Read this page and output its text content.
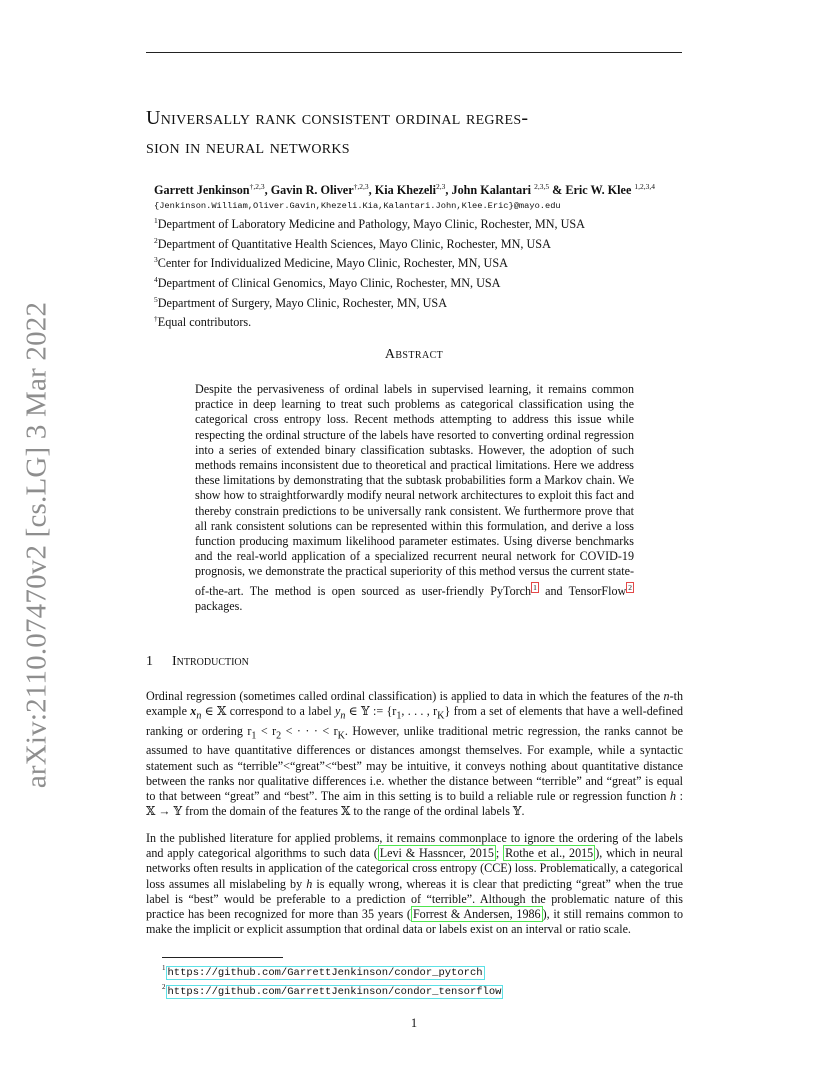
arXiv:2110.07470v2 [cs.LG] 3 Mar 2022
Universally rank consistent ordinal regres-
sion in neural networks
Garrett Jenkinson$^{\dagger,2,3}$, Gavin R. Oliver$^{\dagger,2,3}$, Kia Khezeli$^{2,3}$, John Kalantari $^{2,3,5}$ & Eric W. Klee $^{1,2,3,4}$
{Jenkinson.William,Oliver.Gavin,Khezeli.Kia,Kalantari.John,Klee.Eric}@mayo.edu
$^1$Department of Laboratory Medicine and Pathology, Mayo Clinic, Rochester, MN, USA
$^2$Department of Quantitative Health Sciences, Mayo Clinic, Rochester, MN, USA
$^3$Center for Individualized Medicine, Mayo Clinic, Rochester, MN, USA
$^4$Department of Clinical Genomics, Mayo Clinic, Rochester, MN, USA
$^5$Department of Surgery, Mayo Clinic, Rochester, MN, USA
†Equal contributors.
Abstract
Despite the pervasiveness of ordinal labels in supervised learning, it remains common practice in deep learning to treat such problems as categorical classification using the categorical cross entropy loss. Recent methods attempting to address this issue while respecting the ordinal structure of the labels have resorted to converting ordinal regression into a series of extended binary classification subtasks. However, the adoption of such methods remains inconsistent due to theoretical and practical limitations. Here we address these limitations by demonstrating that the subtask probabilities form a Markov chain. We show how to straightforwardly modify neural network architectures to exploit this fact and thereby constrain predictions to be universally rank consistent. We furthermore prove that all rank consistent solutions can be represented within this formulation, and derive a loss function producing maximum likelihood parameter estimates. Using diverse benchmarks and the real-world application of a specialized recurrent neural network for COVID-19 prognosis, we demonstrate the practical superiority of this method versus the current state-of-the-art. The method is open sourced as user-friendly PyTorch $^1$ and TensorFlow $^2$ packages.
1 Introduction
Ordinal regression (sometimes called ordinal classification) is applied to data in which the features of the n-th example $x_n$ ∈ 𝕏 correspond to a label $y_n$ ∈ 𝕐 := {$r_1$, . . . , $r_K$} from a set of elements that have a well-defined ranking or ordering $r_1 < r_2$ < · · · < $r_K$. However, unlike traditional metric regression, the ranks cannot be assumed to have quantitative differences or distances amongst themselves. For example, while a syntactic statement such as “terrible”<“great”<“best” may be intuitive, it conveys nothing about quantitative distance between the ranks nor qualitative differences i.e. whether the distance between “terrible” and “great” is equal to that between “great” and “best”. The aim in this setting is to build a reliable rule or regression function h : 𝕏 → 𝕐 from the domain of the features 𝕏 to the range of the ordinal labels 𝕐.
In the published literature for applied problems, it remains commonplace to ignore the ordering of the labels and apply categorical algorithms to such data ( Levi & Hassncer, 2015 ; Rothe et al., 2015 ), which in neural networks often results in application of the categorical cross entropy (CCE) loss. Problematically, a categorical loss assumes all mislabeling by h is equally wrong, whereas it is clear that predicting “great” when the true label is “best” would be preferable to a prediction of “terrible”. Although the problematic nature of this practice has been recognized for more than 35 years ( Forrest & Andersen, 1986 ), it still remains common to make the implicit or explicit assumption that ordinal data or labels exist on an interval or ratio scale.
$^1$ https://github.com/GarrettJenkinson/condor_pytorch
$^2$ https://github.com/GarrettJenkinson/condor_tensorflow
1
